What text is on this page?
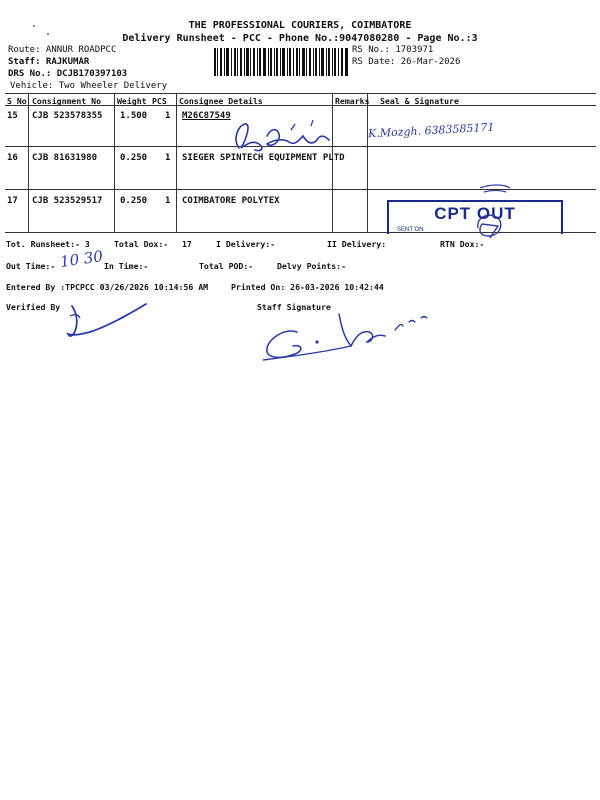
THE PROFESSIONAL COURIERS, COIMBATORE
Delivery Runsheet - PCC - Phone No.:9047080280 - Page No.:3
Route: ANNUR ROADPCC
Staff: RAJKUMAR
DRS No.: DCJB170397103
Vehicle: Two Wheeler Delivery
RS No.: 1703971
RS Date: 26-Mar-2026
S No Consignment No Weight PCS Consignee Details	Remarks Seal & Signature
15 CJB 523578355 1.500 1 M26C87549
16 CJB 81631980	0.250 1 SIEGER SPINTECH EQUIPMENT PLTD
17 CJB 523529517 0.250 1 COIMBATORE POLYTEX
K.Mozgh. 6383585171
CPT OUT
SENT ON
Tot. Runsheet:- 3	Total Dox:- 17	I Delivery:-	II Delivery:	RTN Dox:-
Out Time:- 10 30 In Time:-	Total POD:-	Delvy Points:-
Entered By :TPCPCC 03/26/2026 10:14:56 AM	Printed On: 26-03-2026 10:42:44
Verified By	Staff Signature
